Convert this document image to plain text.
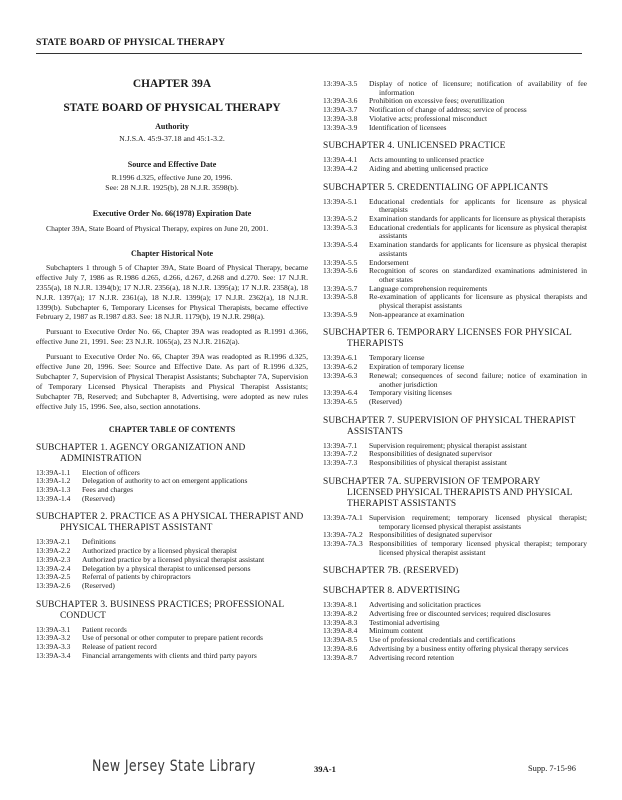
STATE BOARD OF PHYSICAL THERAPY
CHAPTER 39A
STATE BOARD OF PHYSICAL THERAPY
Authority
N.J.S.A. 45:9-37.18 and 45:1-3.2.
Source and Effective Date
R.1996 d.325, effective June 20, 1996.
See: 28 N.J.R. 1925(b), 28 N.J.R. 3598(b).
Executive Order No. 66(1978) Expiration Date
Chapter 39A, State Board of Physical Therapy, expires on June 20, 2001.
Chapter Historical Note
Subchapters 1 through 5 of Chapter 39A, State Board of Physical Therapy, became effective July 7, 1986 as R.1986 d.265, d.266, d.267, d.268 and d.270. See: 17 N.J.R. 2355(a), 18 N.J.R. 1394(b); 17 N.J.R. 2356(a), 18 N.J.R. 1395(a); 17 N.J.R. 2358(a), 18 N.J.R. 1397(a); 17 N.J.R. 2361(a), 18 N.J.R. 1399(a); 17 N.J.R. 2362(a), 18 N.J.R. 1399(b). Subchapter 6, Temporary Licenses for Physical Therapists, became effective February 2, 1987 as R.1987 d.83. See: 18 N.J.R. 1179(b), 19 N.J.R. 298(a).
Pursuant to Executive Order No. 66, Chapter 39A was readopted as R.1991 d.366, effective June 21, 1991. See: 23 N.J.R. 1065(a), 23 N.J.R. 2162(a).
Pursuant to Executive Order No. 66, Chapter 39A was readopted as R.1996 d.325, effective June 20, 1996. See: Source and Effective Date. As part of R.1996 d.325, Subchapter 7, Supervision of Physical Therapist Assistants; Subchapter 7A, Supervision of Temporary Licensed Physical Therapists and Physical Therapist Assistants; Subchapter 7B, Reserved; and Subchapter 8, Advertising, were adopted as new rules effective July 15, 1996. See, also, section annotations.
CHAPTER TABLE OF CONTENTS
SUBCHAPTER 1. AGENCY ORGANIZATION AND ADMINISTRATION
13:39A-1.1	Election of officers
13:39A-1.2	Delegation of authority to act on emergent applications
13:39A-1.3	Fees and charges
13:39A-1.4	(Reserved)
SUBCHAPTER 2. PRACTICE AS A PHYSICAL THERAPIST AND PHYSICAL THERAPIST ASSISTANT
13:39A-2.1	Definitions
13:39A-2.2	Authorized practice by a licensed physical therapist
13:39A-2.3	Authorized practice by a licensed physical therapist assistant
13:39A-2.4	Delegation by a physical therapist to unlicensed persons
13:39A-2.5	Referral of patients by chiropractors
13:39A-2.6	(Reserved)
SUBCHAPTER 3. BUSINESS PRACTICES; PROFESSIONAL CONDUCT
13:39A-3.1	Patient records
13:39A-3.2	Use of personal or other computer to prepare patient records
13:39A-3.3	Release of patient record
13:39A-3.4	Financial arrangements with clients and third party payors
13:39A-3.5	Display of notice of licensure; notification of availability of fee information
13:39A-3.6	Prohibition on excessive fees; overutilization
13:39A-3.7	Notification of change of address; service of process
13:39A-3.8	Violative acts; professional misconduct
13:39A-3.9	Identification of licensees
SUBCHAPTER 4. UNLICENSED PRACTICE
13:39A-4.1	Acts amounting to unlicensed practice
13:39A-4.2	Aiding and abetting unlicensed practice
SUBCHAPTER 5. CREDENTIALING OF APPLICANTS
13:39A-5.1	Educational credentials for applicants for licensure as physical therapists
13:39A-5.2	Examination standards for applicants for licensure as physical therapists
13:39A-5.3	Educational credentials for applicants for licensure as physical therapist assistants
13:39A-5.4	Examination standards for applicants for licensure as physical therapist assistants
13:39A-5.5	Endorsement
13:39A-5.6	Recognition of scores on standardized examinations administered in other states
13:39A-5.7	Language comprehension requirements
13:39A-5.8	Re-examination of applicants for licensure as physical therapists and physical therapist assistants
13:39A-5.9	Non-appearance at examination
SUBCHAPTER 6. TEMPORARY LICENSES FOR PHYSICAL THERAPISTS
13:39A-6.1	Temporary license
13:39A-6.2	Expiration of temporary license
13:39A-6.3	Renewal; consequences of second failure; notice of examination in another jurisdiction
13:39A-6.4	Temporary visiting licenses
13:39A-6.5	(Reserved)
SUBCHAPTER 7. SUPERVISION OF PHYSICAL THERAPIST ASSISTANTS
13:39A-7.1	Supervision requirement; physical therapist assistant
13:39A-7.2	Responsibilities of designated supervisor
13:39A-7.3	Responsibilities of physical therapist assistant
SUBCHAPTER 7A. SUPERVISION OF TEMPORARY LICENSED PHYSICAL THERAPISTS AND PHYSICAL THERAPIST ASSISTANTS
13:39A-7A.1 Supervision requirement; temporary licensed physical therapist; temporary licensed physical therapist assistants
13:39A-7A.2 Responsibilities of designated supervisor
13:39A-7A.3 Responsibilities of temporary licensed physical therapist; temporary licensed physical therapist assistant
SUBCHAPTER 7B. (RESERVED)
SUBCHAPTER 8. ADVERTISING
13:39A-8.1	Advertising and solicitation practices
13:39A-8.2	Advertising free or discounted services; required disclosures
13:39A-8.3	Testimonial advertising
13:39A-8.4	Minimum content
13:39A-8.5	Use of professional credentials and certifications
13:39A-8.6	Advertising by a business entity offering physical therapy services
13:39A-8.7	Advertising record retention
New Jersey State Library	39A-1	Supp. 7-15-96
